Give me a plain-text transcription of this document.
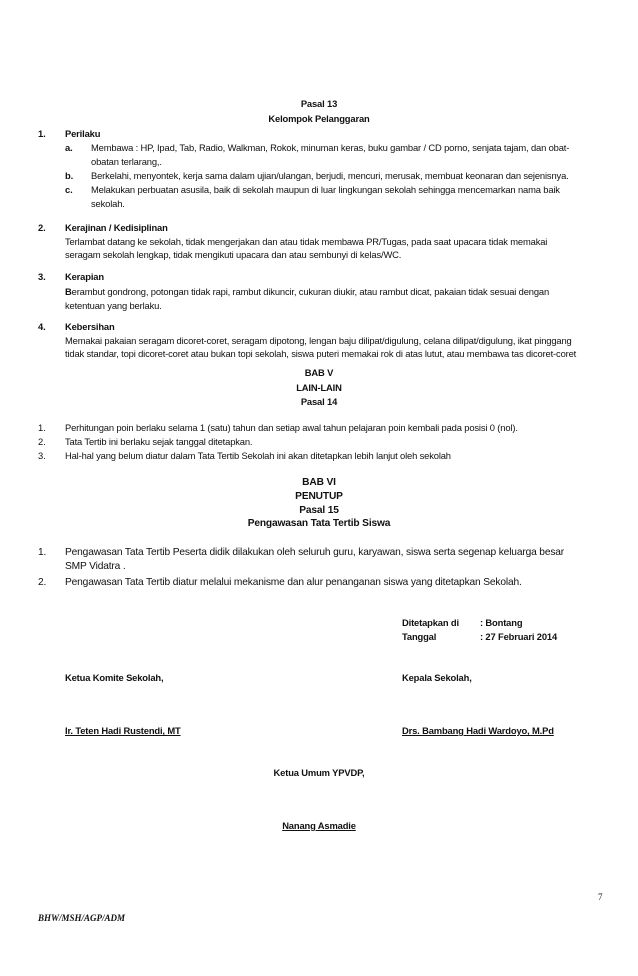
Pasal 13
Kelompok Pelanggaran
1. Perilaku
a. Membawa : HP, Ipad, Tab, Radio, Walkman, Rokok, minuman keras, buku gambar / CD porno, senjata tajam, dan obat-
obatan terlarang,.
b. Berkelahi, menyontek, kerja sama dalam ujian/ulangan, berjudi, mencuri, merusak, membuat keonaran dan sejenisnya.
c. Melakukan perbuatan asusila, baik di sekolah maupun di luar lingkungan sekolah sehingga mencemarkan nama baik
sekolah.
2. Kerajinan / Kedisiplinan
Terlambat datang ke sekolah, tidak mengerjakan dan atau tidak membawa PR/Tugas, pada saat upacara tidak memakai
seragam sekolah lengkap, tidak mengikuti upacara dan atau sembunyi di kelas/WC.
3. Kerapian
Berambut gondrong, potongan tidak rapi, rambut dikuncir, cukuran diukir, atau rambut dicat, pakaian tidak sesuai dengan
ketentuan yang berlaku.
4. Kebersihan
Memakai pakaian seragam dicoret-coret, seragam dipotong, lengan baju dilipat/digulung, celana dilipat/digulung, ikat pinggang
tidak standar, topi dicoret-coret atau bukan topi sekolah, siswa puteri memakai rok di atas lutut, atau membawa tas dicoret-coret
BAB V
LAIN-LAIN
Pasal 14
1. Perhitungan poin berlaku selama 1 (satu) tahun dan setiap awal tahun pelajaran poin kembali pada posisi 0 (nol).
2. Tata Tertib ini berlaku sejak tanggal ditetapkan.
3. Hal-hal yang belum diatur dalam Tata Tertib Sekolah ini akan ditetapkan lebih lanjut oleh sekolah
BAB VI
PENUTUP
Pasal 15
Pengawasan Tata Tertib Siswa
1. Pengawasan Tata Tertib Peserta didik dilakukan oleh seluruh guru, karyawan, siswa serta segenap keluarga besar
SMP Vidatra .
2. Pengawasan Tata Tertib diatur melalui mekanisme dan alur penanganan siswa yang ditetapkan Sekolah.
Ditetapkan di : Bontang
Tanggal	: 27 Februari 2014
Ketua Komite Sekolah,	Kepala Sekolah,
Ir. Teten Hadi Rustendi, MT	Drs. Bambang Hadi Wardoyo, M.Pd
Ketua Umum YPVDP,
Nanang Asmadie
7
BHW/MSH/AGP/ADM
